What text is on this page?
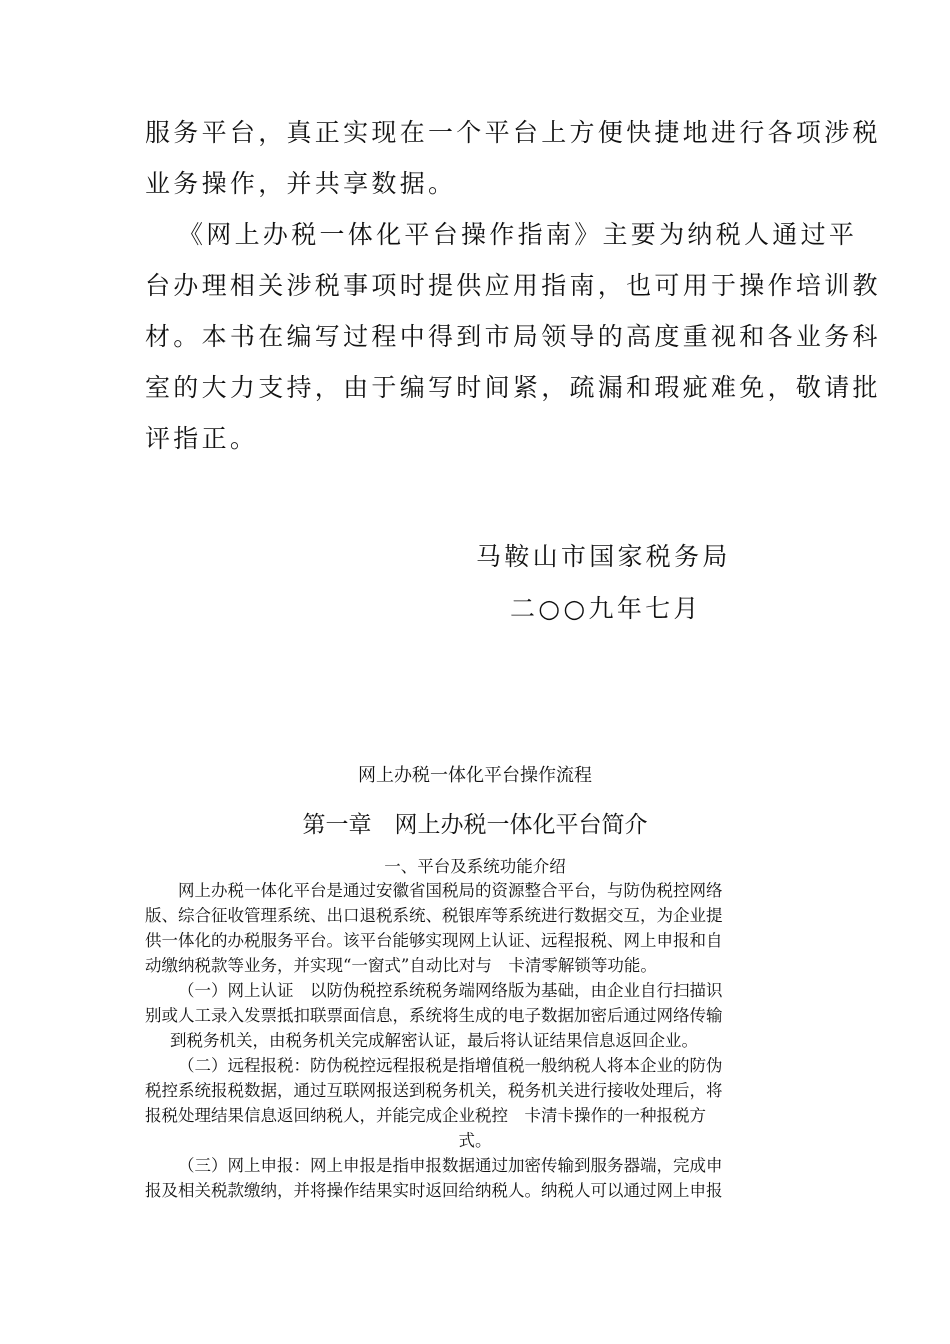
服务平台，真正实现在一个平台上方便快捷地进行各项涉税
业务操作，并共享数据。
《网上办税一体化平台操作指南》主要为纳税人通过平
台办理相关涉税事项时提供应用指南，也可用于操作培训教
材。本书在编写过程中得到市局领导的高度重视和各业务科
室的大力支持，由于编写时间紧，疏漏和瑕疵难免，敬请批
评指正。
马鞍山市国家税务局
二○○九年七月
网上办税一体化平台操作流程
第一章　网上办税一体化平台简介
一、平台及系统功能介绍
网上办税一体化平台是通过安徽省国税局的资源整合平台，与防伪税控网络
版、综合征收管理系统、出口退税系统、税银库等系统进行数据交互，为企业提
供一体化的办税服务平台。该平台能够实现网上认证、远程报税、网上申报和自
动缴纳税款等业务，并实现“一窗式”自动比对与　卡清零解锁等功能。
（一）网上认证　以防伪税控系统税务端网络版为基础，由企业自行扫描识
别或人工录入发票抵扣联票面信息，系统将生成的电子数据加密后通过网络传输
到税务机关，由税务机关完成解密认证，最后将认证结果信息返回企业。
（二）远程报税：防伪税控远程报税是指增值税一般纳税人将本企业的防伪
税控系统报税数据，通过互联网报送到税务机关，税务机关进行接收处理后，将
报税处理结果信息返回纳税人，并能完成企业税控　卡清卡操作的一种报税方
式。
（三）网上申报：网上申报是指申报数据通过加密传输到服务器端，完成申
报及相关税款缴纳，并将操作结果实时返回给纳税人。纳税人可以通过网上申报
